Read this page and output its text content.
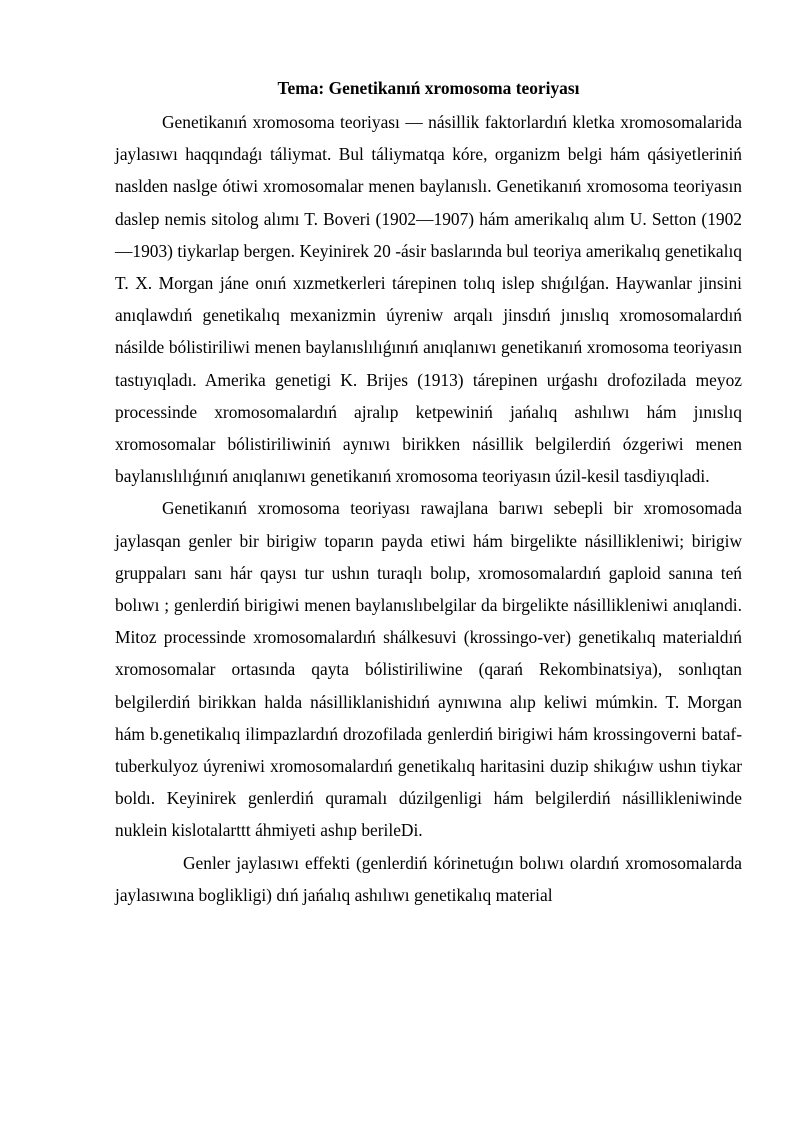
Tema: Genetikanıń xromosoma teoriyası

Genetikanıń xromosoma teoriyası — násillik faktorlardıń kletka xromosomalarida jaylasıwı haqqındaǵı táliymat. Bul táliymatqa kóre, organizm belgi hám qásiyetleriniń naslden naslge ótiwi xromosomalar menen baylanıslı. Genetikanıń xromosoma teoriyasın daslep nemis sitolog alımı T. Boveri (1902—1907) hám amerikalıq alım U. Setton (1902—1903) tiykarlap bergen. Keyinirek 20 -ásir baslarında bul teoriya amerikalıq genetikalıq T. X. Morgan jáne onıń xızmetkerleri tárepinen tolıq islep shıǵılǵan. Haywanlar jinsini anıqlawdıń genetikalıq mexanizmin úyreniw arqalı jinsdıń jınıslıq xromosomalardıń násilde bólistiriliwi menen baylanıslılıǵınıń anıqlanıwı genetikanıń xromosoma teoriyasın tastıyıqladı. Amerika genetigi K. Brijes (1913) tárepinen urǵashı drofozilada meyoz processinde xromosomalardıń ajralıp ketpewiniń jańalıq ashılıwı hám jınıslıq xromosomalar bólistiriliwiniń aynıwı birikken násillik belgilerdiń ózgeriwi menen baylanıslılıǵınıń anıqlanıwı genetikanıń xromosoma teoriyasın úzil-kesil tasdiyıqladi.

Genetikanıń xromosoma teoriyası rawajlana barıwı sebepli bir xromosomada jaylasqan genler bir birigiw toparın payda etiwi hám birgelikte násillikleniwi; birigiw gruppaları sanı hár qaysı tur ushın turaqlı bolıp, xromosomalardıń gaploid sanına teń bolıwı ; genlerdiń birigiwi menen baylanıslıbelgilar da birgelikte násillikleniwi anıqlandi. Mitoz processinde xromosomalardıń shálkesuvi (krossingo-ver) genetikalıq materialdıń xromosomalar ortasında qayta bólistiriliwine (qarań Rekombinatsiya), sonlıqtan belgilerdiń birikkan halda násilliklanishidıń aynıwına alıp keliwi múmkin. T. Morgan hám b.genetikalıq ilimpazlardıń drozofilada genlerdiń birigiwi hám krossingoverni bataf-tuberkulyoz úyreniwi xromosomalardıń genetikalıq haritasini duzip shikıǵıw ushın tiykar boldı. Keyinirek genlerdiń quramalı dúzilgenligi hám belgilerdiń násillikleniwinde nuklein kislotalarttt áhmiyeti ashıp berileDi.

Genler jaylasıwı effekti (genlerdiń kórinetuǵın bolıwı olardıń xromosomalarda jaylasıwına boglikligi) dıń jańalıq ashılıwı genetikalıq material
